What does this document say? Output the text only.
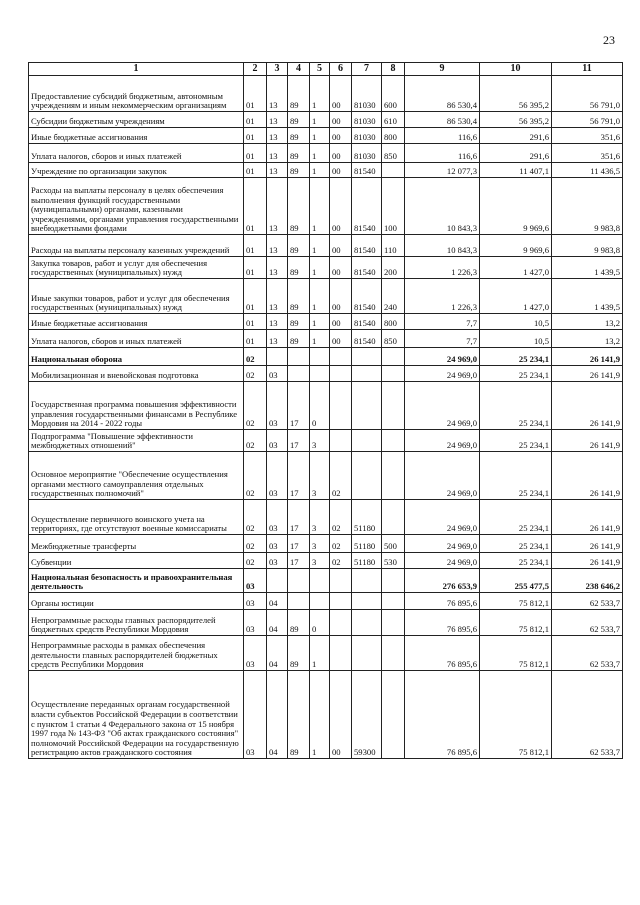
23
1	2	3	4	5	6	7	8	9	10	11
Предоставление субсидий бюджетным, автономным учреждениям и иным некоммерческим организациям	01	13	89	1	00	81030	600	86 530,4	56 395,2	56 791,0
Субсидии бюджетным учреждениям	01	13	89	1	00	81030	610	86 530,4	56 395,2	56 791,0
Иные бюджетные ассигнования	01	13	89	1	00	81030	800	116,6	291,6	351,6
Уплата налогов, сборов и иных платежей	01	13	89	1	00	81030	850	116,6	291,6	351,6
Учреждение по организации закупок	01	13	89	1	00	81540		12 077,3	11 407,1	11 436,5
Расходы на выплаты персоналу в целях обеспечения выполнения функций государственными (муниципальными) органами, казенными учреждениями, органами управления государственными внебюджетными фондами	01	13	89	1	00	81540	100	10 843,3	9 969,6	9 983,8
Расходы на выплаты персоналу казенных учреждений	01	13	89	1	00	81540	110	10 843,3	9 969,6	9 983,8
Закупка товаров, работ и услуг для обеспечения государственных (муниципальных) нужд	01	13	89	1	00	81540	200	1 226,3	1 427,0	1 439,5
Иные закупки товаров, работ и услуг для обеспечения государственных (муниципальных) нужд	01	13	89	1	00	81540	240	1 226,3	1 427,0	1 439,5
Иные бюджетные ассигнования	01	13	89	1	00	81540	800	7,7	10,5	13,2
Уплата налогов, сборов и иных платежей	01	13	89	1	00	81540	850	7,7	10,5	13,2
Национальная оборона	02							24 969,0	25 234,1	26 141,9
Мобилизационная и вневойсковая подготовка	02	03						24 969,0	25 234,1	26 141,9
Государственная программа повышения эффективности управления государственными финансами в Республике Мордовия на 2014 - 2022 годы	02	03	17	0				24 969,0	25 234,1	26 141,9
Подпрограмма "Повышение эффективности межбюджетных отношений"	02	03	17	3				24 969,0	25 234,1	26 141,9
Основное мероприятие "Обеспечение осуществления органами местного самоуправления отдельных государственных полномочий"	02	03	17	3	02			24 969,0	25 234,1	26 141,9
Осуществление первичного воинского учета на территориях, где отсутствуют военные комиссариаты	02	03	17	3	02	51180		24 969,0	25 234,1	26 141,9
Межбюджетные трансферты	02	03	17	3	02	51180	500	24 969,0	25 234,1	26 141,9
Субвенции	02	03	17	3	02	51180	530	24 969,0	25 234,1	26 141,9
Национальная безопасность и правоохранительная деятельность	03							276 653,9	255 477,5	238 646,2
Органы юстиции	03	04						76 895,6	75 812,1	62 533,7
Непрограммные расходы главных распорядителей бюджетных средств Республики Мордовия	03	04	89	0				76 895,6	75 812,1	62 533,7
Непрограммные расходы в рамках обеспечения деятельности главных распорядителей бюджетных средств Республики Мордовия	03	04	89	1				76 895,6	75 812,1	62 533,7
Осуществление переданных органам государственной власти субъектов Российской Федерации в соответствии с пунктом 1 статьи 4 Федерального закона от 15 ноября 1997 года № 143-ФЗ "Об актах гражданского состояния" полномочий Российской Федерации на государственную регистрацию актов гражданского состояния	03	04	89	1	00	59300		76 895,6	75 812,1	62 533,7
